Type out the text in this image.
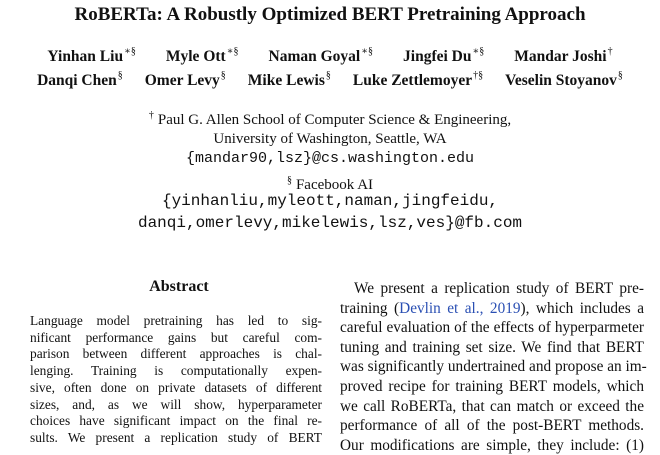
RoBERTa: A Robustly Optimized BERT Pretraining Approach
Yinhan Liu∗§ Myle Ott∗§ Naman Goyal∗§ Jingfei Du∗§ Mandar Joshi†
Danqi Chen§ Omer Levy§ Mike Lewis§ Luke Zettlemoyer†§ Veselin Stoyanov§
† Paul G. Allen School of Computer Science & Engineering,
University of Washington, Seattle, WA
{mandar90,lsz}@cs.washington.edu
§ Facebook AI
{yinhanliu,myleott,naman,jingfeidu,
danqi,omerlevy,mikelewis,lsz,ves}@fb.com
Abstract
Language model pretraining has led to sig-
nificant performance gains but careful com-
parison between different approaches is chal-
lenging. Training is computationally expen-
sive, often done on private datasets of different
sizes, and, as we will show, hyperparameter
choices have significant impact on the final re-
sults. We present a replication study of BERT
We present a replication study of BERT pre-
training (Devlin et al., 2019), which includes a
careful evaluation of the effects of hyperparmeter
tuning and training set size. We find that BERT
was significantly undertrained and propose an im-
proved recipe for training BERT models, which
we call RoBERTa, that can match or exceed the
performance of all of the post-BERT methods.
Our modifications are simple, they include: (1)
